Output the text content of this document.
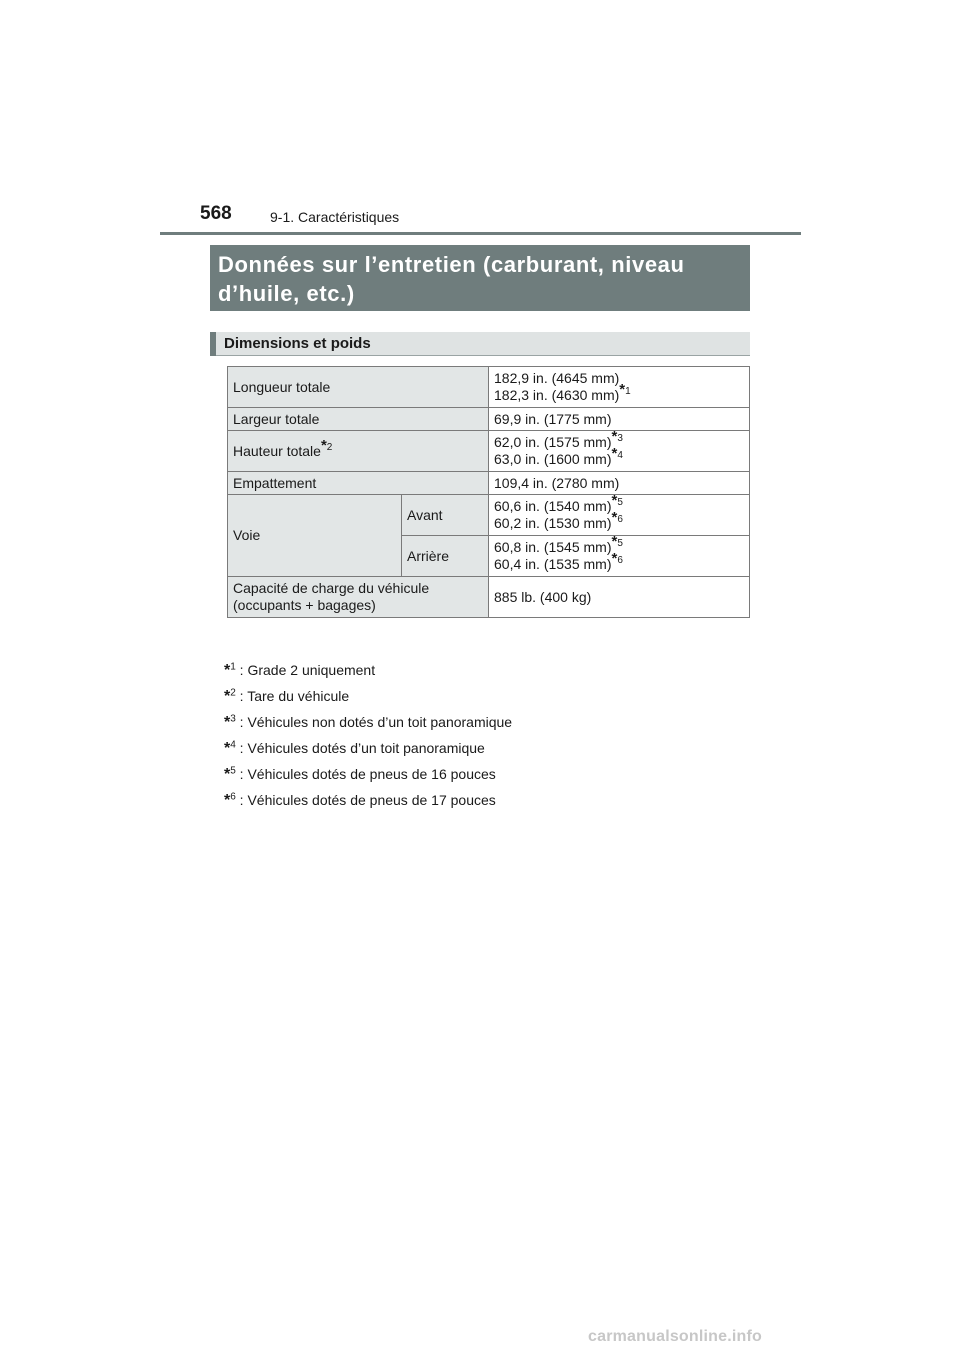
568	9-1. Caractéristiques
Données sur l’entretien (carburant, niveau
d’huile, etc.)
Dimensions et poids
Longueur totale		182,9 in. (4645 mm)
182,3 in. (4630 mm)$^{*1}$

Largeur totale		69,9 in. (1775 mm)
Hauteur totale$^{*2}$		62,0 in. (1575 mm)$^{*3}$
63,0 in. (1600 mm)$^{*4}$

Empattement		109,4 in. (2780 mm)
Voie	Avant	60,6 in. (1540 mm)$^{*5}$
60,2 in. (1530 mm)$^{*6}$

	Arrière	60,8 in. (1545 mm)$^{*5}$
60,4 in. (1535 mm)$^{*6}$

Capacité de charge du véhicule
(occupants + bagages)		885 lb. (400 kg)
*$^1$ : Grade 2 uniquement
*$^2$ : Tare du véhicule
*$^3$ : Véhicules non dotés d’un toit panoramique
*$^4$ : Véhicules dotés d’un toit panoramique
*$^5$ : Véhicules dotés de pneus de 16 pouces
*$^6$ : Véhicules dotés de pneus de 17 pouces
carmanualsonline.info
